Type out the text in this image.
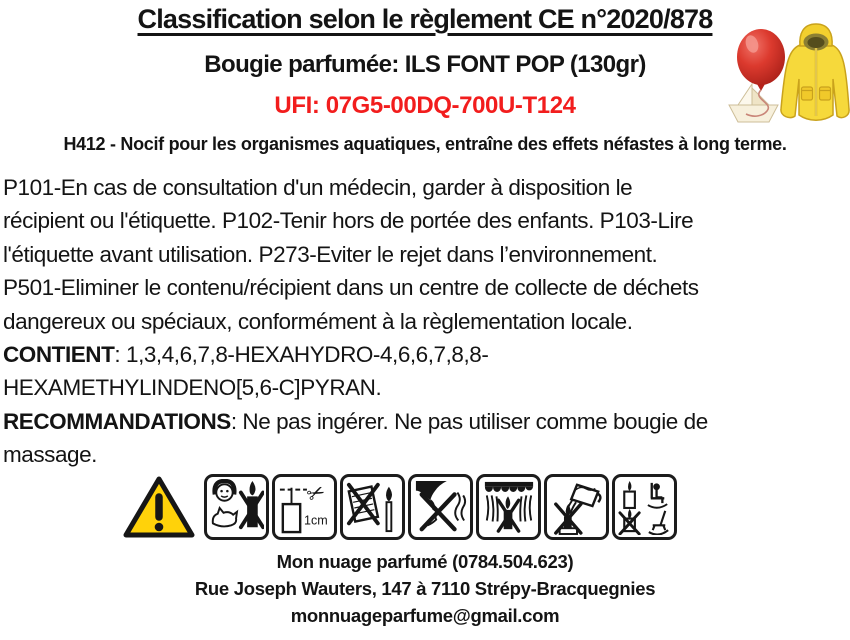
Classification selon le règlement CE n°2020/878
Bougie parfumée: ILS FONT POP (130gr)
UFI: 07G5-00DQ-700U-T124
H412 - Nocif pour les organismes aquatiques, entraîne des effets néfastes à long terme.
P101-En cas de consultation d'un médecin, garder à disposition le
récipient ou l'étiquette. P102-Tenir hors de portée des enfants. P103-Lire
l'étiquette avant utilisation. P273-Eviter le rejet dans l’environnement.
P501-Eliminer le contenu/récipient dans un centre de collecte de déchets
dangereux ou spéciaux, conformément à la règlementation locale.
CONTIENT: 1,3,4,6,7,8-HEXAHYDRO-4,6,6,7,8,8-
HEXAMETHYLINDENO[5,6-C]PYRAN.
RECOMMANDATIONS: Ne pas ingérer. Ne pas utiliser comme bougie de
massage.
✂
1cm
Mon nuage parfumé (0784.504.623)
Rue Joseph Wauters, 147 à 7110 Strépy-Bracquegnies
monnuageparfume@gmail.com
